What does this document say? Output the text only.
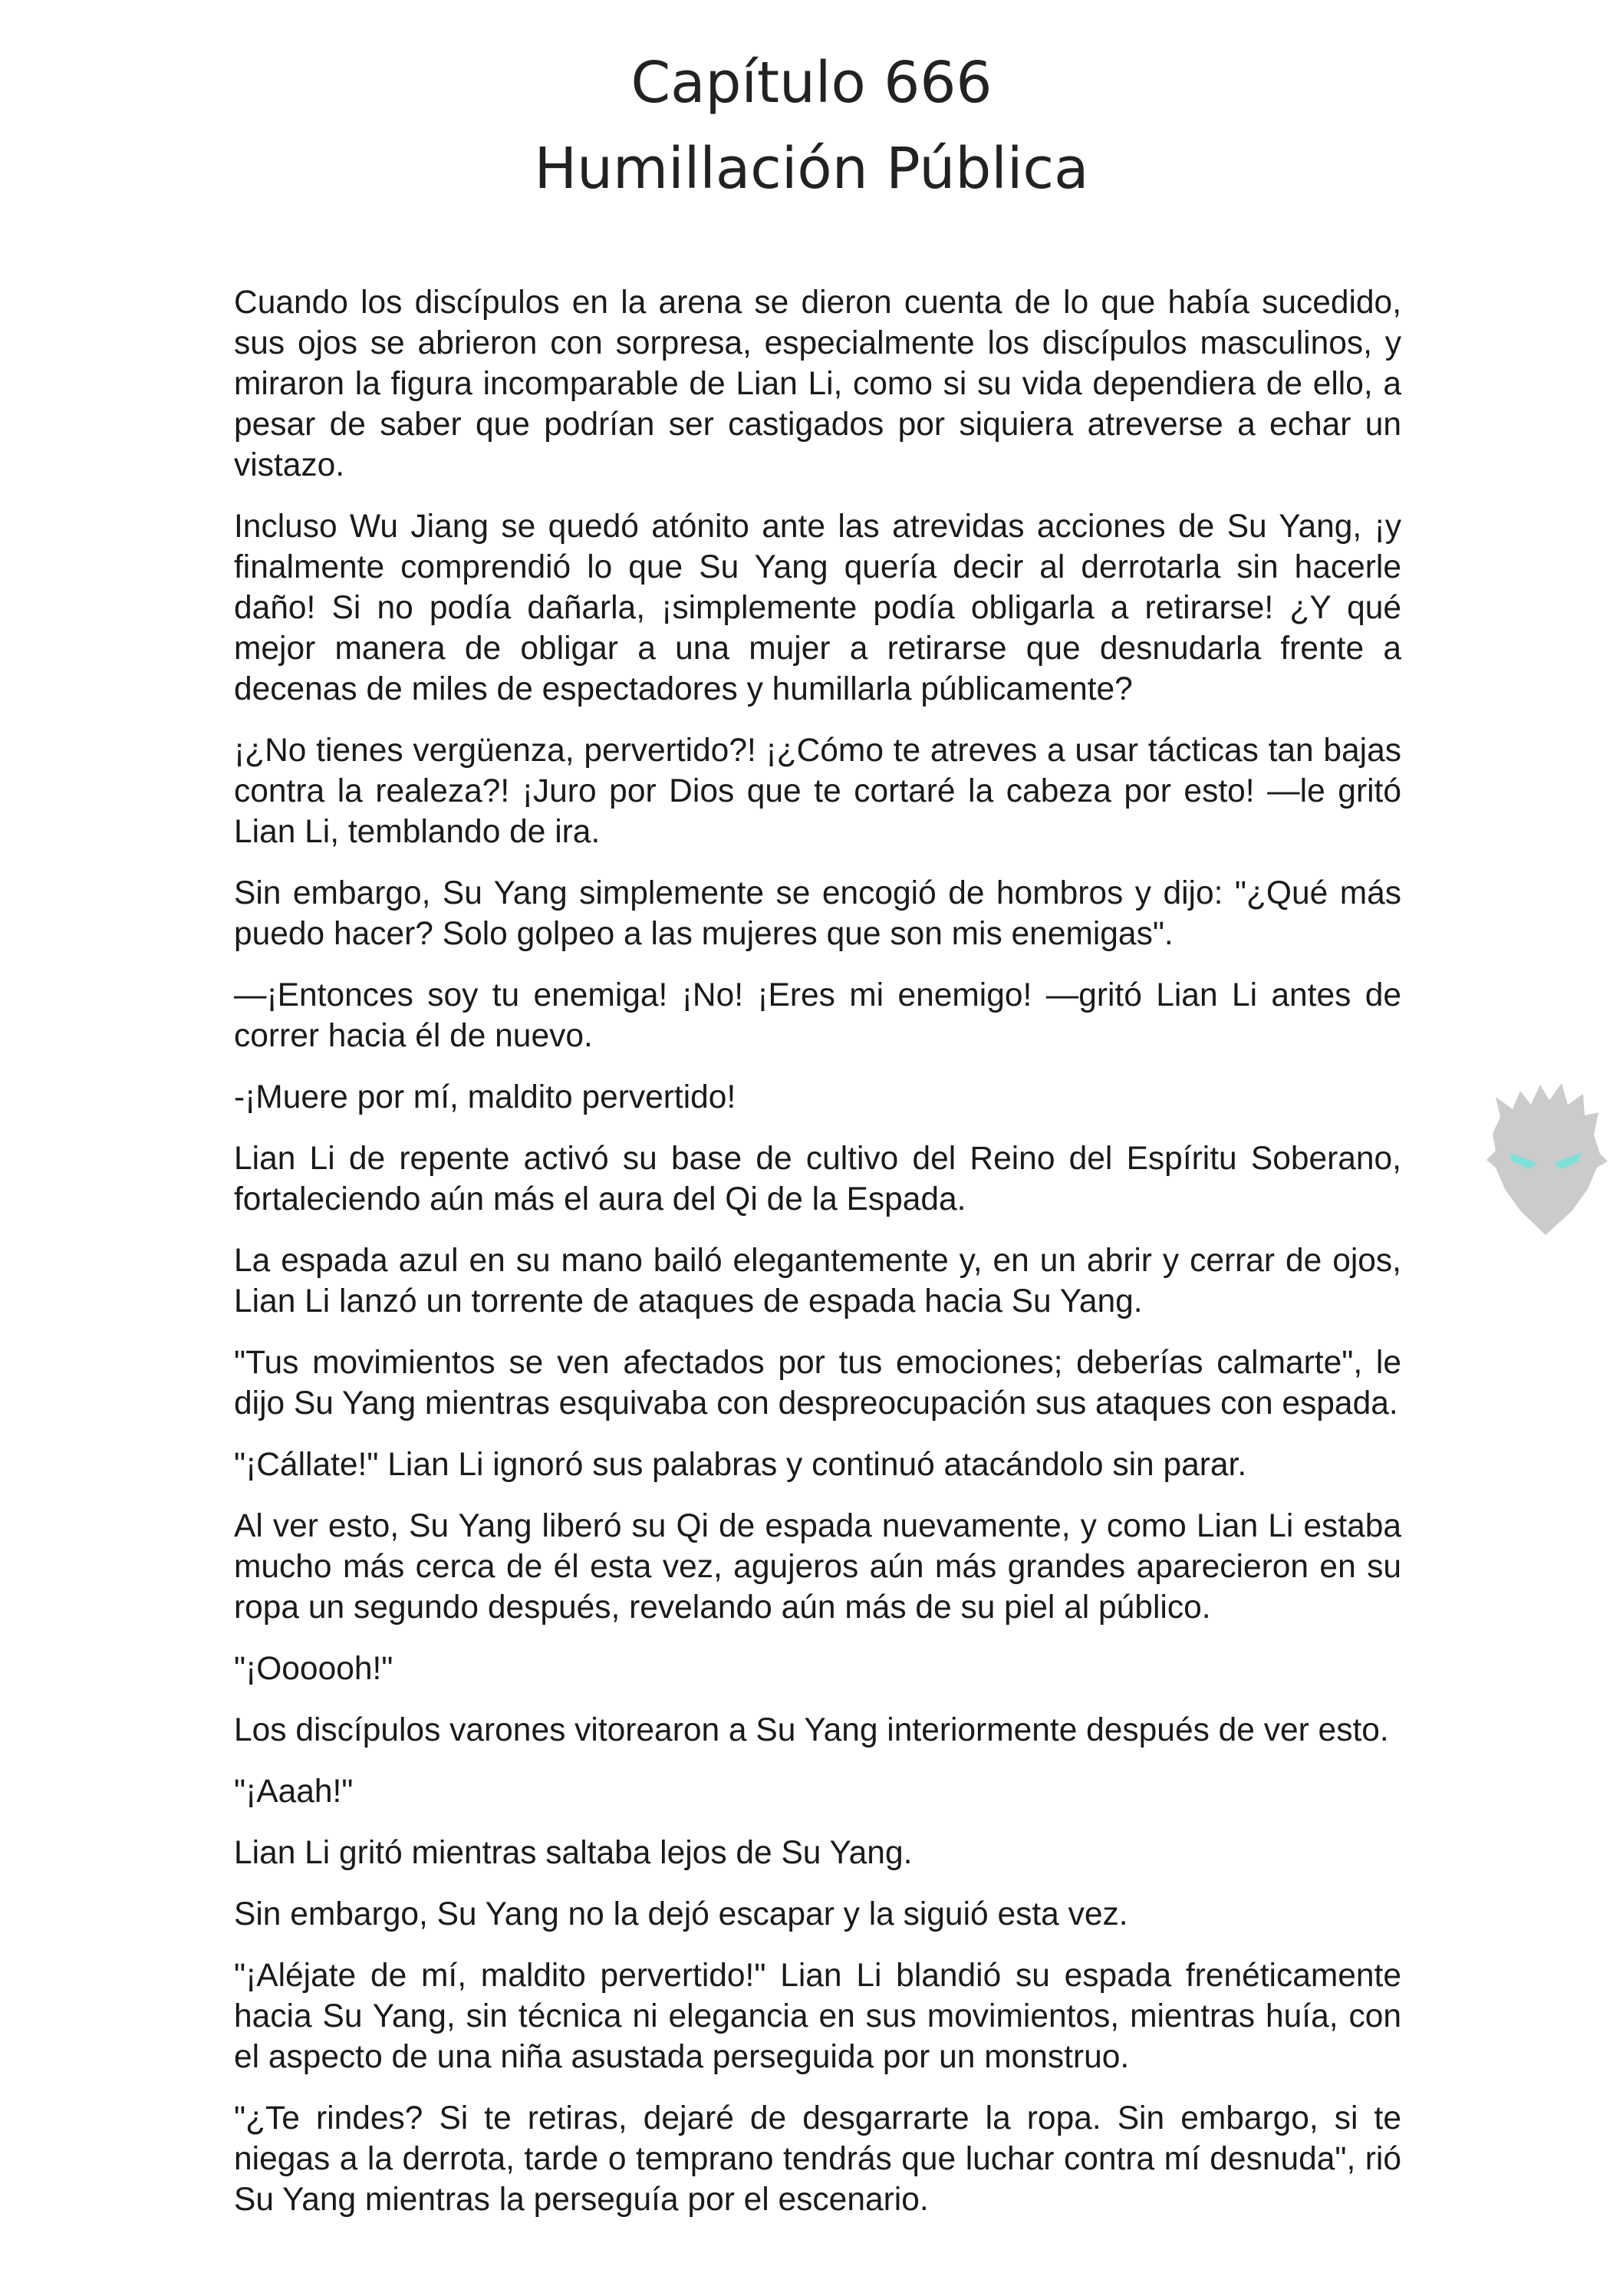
Capítulo 666
Humillación Pública

Cuando los discípulos en la arena se dieron cuenta de lo que había sucedido, sus ojos se abrieron con sorpresa, especialmente los discípulos masculinos, y miraron la figura incomparable de Lian Li, como si su vida dependiera de ello, a pesar de saber que podrían ser castigados por siquiera atreverse a echar un vistazo.

Incluso Wu Jiang se quedó atónito ante las atrevidas acciones de Su Yang, ¡y finalmente comprendió lo que Su Yang quería decir al derrotarla sin hacerle daño! Si no podía dañarla, ¡simplemente podía obligarla a retirarse! ¿Y qué mejor manera de obligar a una mujer a retirarse que desnudarla frente a decenas de miles de espectadores y humillarla públicamente?

¡¿No tienes vergüenza, pervertido?! ¡¿Cómo te atreves a usar tácticas tan bajas contra la realeza?! ¡Juro por Dios que te cortaré la cabeza por esto! —le gritó Lian Li, temblando de ira.

Sin embargo, Su Yang simplemente se encogió de hombros y dijo: "¿Qué más puedo hacer? Solo golpeo a las mujeres que son mis enemigas".

—¡Entonces soy tu enemiga! ¡No! ¡Eres mi enemigo! —gritó Lian Li antes de correr hacia él de nuevo.

-¡Muere por mí, maldito pervertido!

Lian Li de repente activó su base de cultivo del Reino del Espíritu Soberano, fortaleciendo aún más el aura del Qi de la Espada.

La espada azul en su mano bailó elegantemente y, en un abrir y cerrar de ojos, Lian Li lanzó un torrente de ataques de espada hacia Su Yang.

"Tus movimientos se ven afectados por tus emociones; deberías calmarte", le dijo Su Yang mientras esquivaba con despreocupación sus ataques con espada.

"¡Cállate!" Lian Li ignoró sus palabras y continuó atacándolo sin parar.

Al ver esto, Su Yang liberó su Qi de espada nuevamente, y como Lian Li estaba mucho más cerca de él esta vez, agujeros aún más grandes aparecieron en su ropa un segundo después, revelando aún más de su piel al público.

"¡Oooooh!"

Los discípulos varones vitorearon a Su Yang interiormente después de ver esto.

"¡Aaah!"

Lian Li gritó mientras saltaba lejos de Su Yang.

Sin embargo, Su Yang no la dejó escapar y la siguió esta vez.

"¡Aléjate de mí, maldito pervertido!" Lian Li blandió su espada frenéticamente hacia Su Yang, sin técnica ni elegancia en sus movimientos, mientras huía, con el aspecto de una niña asustada perseguida por un monstruo.

"¿Te rindes? Si te retiras, dejaré de desgarrarte la ropa. Sin embargo, si te niegas a la derrota, tarde o temprano tendrás que luchar contra mí desnuda", rió Su Yang mientras la perseguía por el escenario.
